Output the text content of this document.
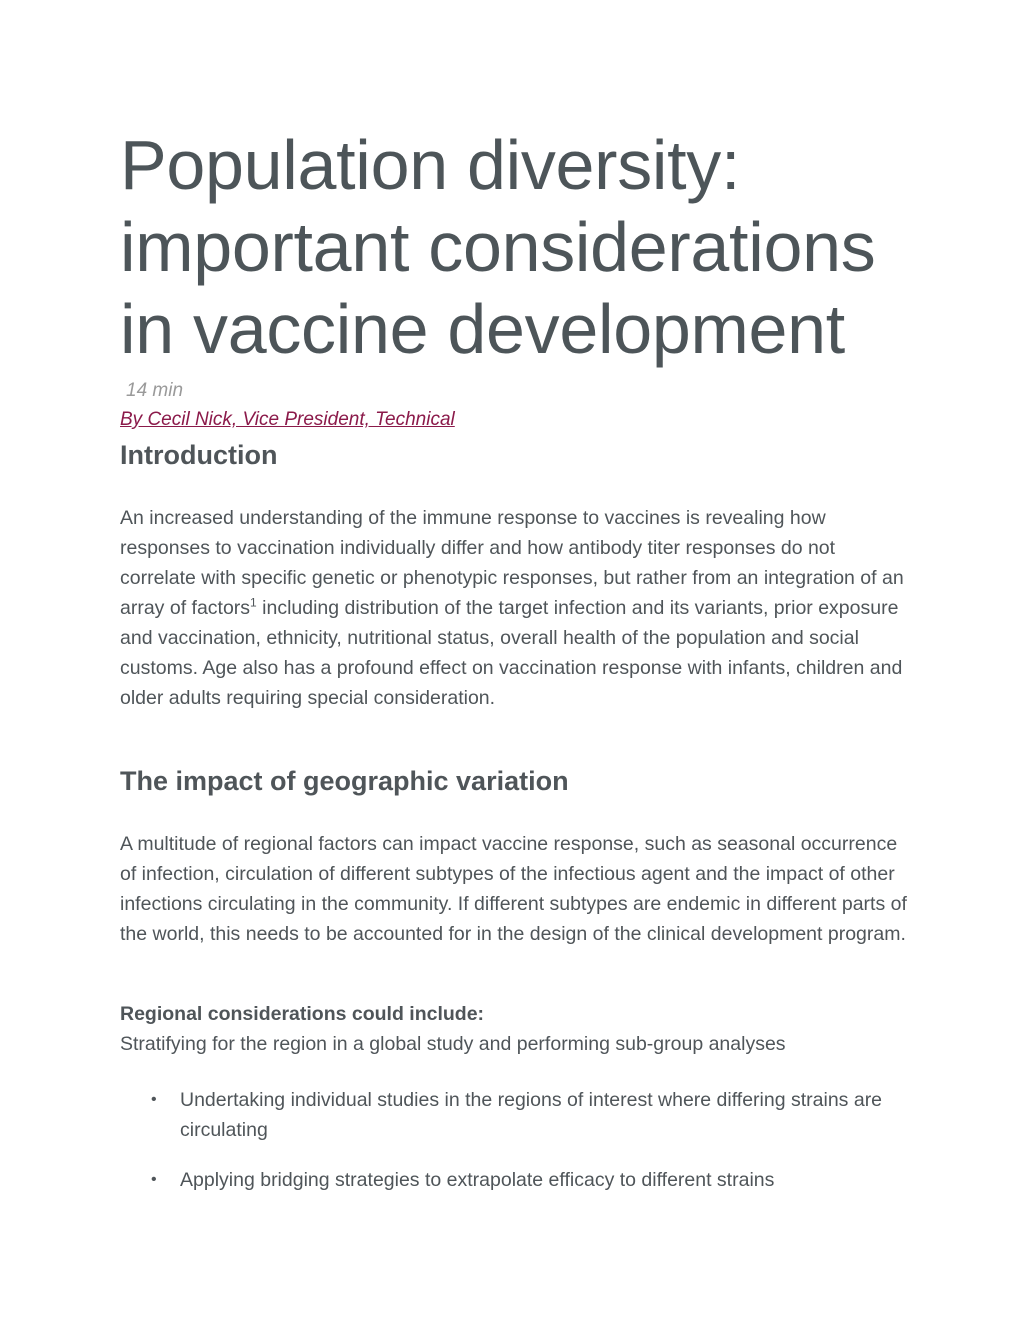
Population diversity: important considerations in vaccine development
14 min
By Cecil Nick, Vice President, Technical
Introduction

An increased understanding of the immune response to vaccines is revealing how responses to vaccination individually differ and how antibody titer responses do not correlate with specific genetic or phenotypic responses, but rather from an integration of an array of factors$^1$ including distribution of the target infection and its variants, prior exposure and vaccination, ethnicity, nutritional status, overall health of the population and social customs. Age also has a profound effect on vaccination response with infants, children and older adults requiring special consideration.

The impact of geographic variation

A multitude of regional factors can impact vaccine response, such as seasonal occurrence of infection, circulation of different subtypes of the infectious agent and the impact of other infections circulating in the community. If different subtypes are endemic in different parts of the world, this needs to be accounted for in the design of the clinical development program.

Regional considerations could include:
Stratifying for the region in a global study and performing sub-group analyses
• Undertaking individual studies in the regions of interest where differing strains are circulating
• Applying bridging strategies to extrapolate efficacy to different strains
